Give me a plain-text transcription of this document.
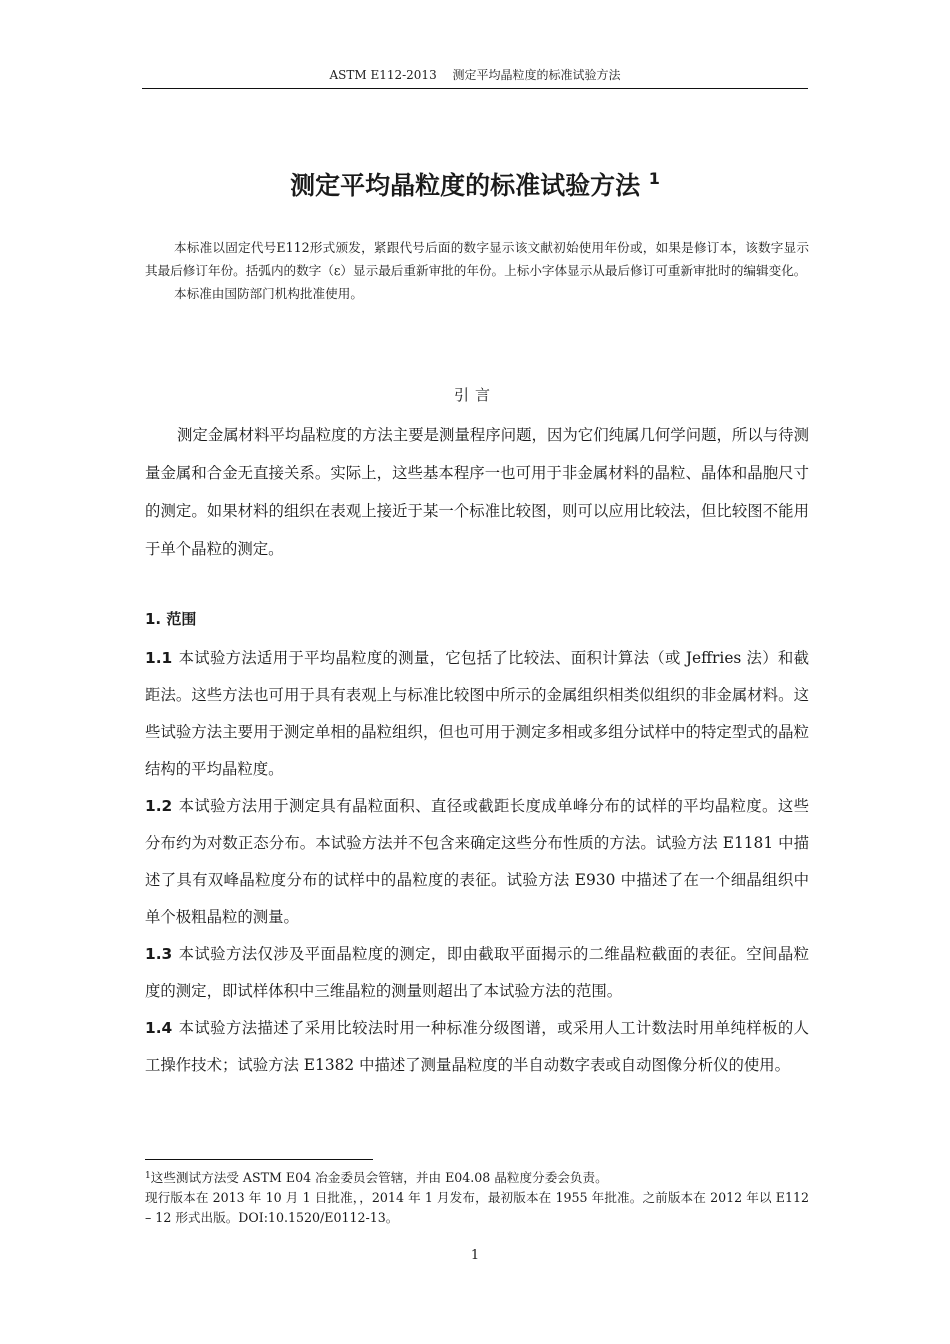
ASTM E112-2013　 测定平均晶粒度的标准试验方法
测定平均晶粒度的标准试验方法 $^1$

本标准以固定代号E112形式颁发，紧跟代号后面的数字显示该文献初始使用年份或，如果是修订本，该数字显示其最后修订年份。括弧内的数字（ε）显示最后重新审批的年份。上标小字体显示从最后修订可重新审批时的编辑变化。

本标准由国防部门机构批准使用。

引言

测定金属材料平均晶粒度的方法主要是测量程序问题，因为它们纯属几何学问题，所以与待测量金属和合金无直接关系。实际上，这些基本程序一也可用于非金属材料的晶粒、晶体和晶胞尺寸的测定。如果材料的组织在表观上接近于某一个标准比较图，则可以应用比较法，但比较图不能用于单个晶粒的测定。

1. 范围

1.1 本试验方法适用于平均晶粒度的测量，它包括了比较法、面积计算法（或 Jeffries 法）和截距法。这些方法也可用于具有表观上与标准比较图中所示的金属组织相类似组织的非金属材料。这些试验方法主要用于测定单相的晶粒组织，但也可用于测定多相或多组分试样中的特定型式的晶粒结构的平均晶粒度。

1.2 本试验方法用于测定具有晶粒面积、直径或截距长度成单峰分布的试样的平均晶粒度。这些分布约为对数正态分布。本试验方法并不包含来确定这些分布性质的方法。试验方法 E1181 中描述了具有双峰晶粒度分布的试样中的晶粒度的表征。试验方法 E930 中描述了在一个细晶组织中单个极粗晶粒的测量。

1.3 本试验方法仅涉及平面晶粒度的测定，即由截取平面揭示的二维晶粒截面的表征。空间晶粒度的测定，即试样体积中三维晶粒的测量则超出了本试验方法的范围。

1.4 本试验方法描述了采用比较法时用一种标准分级图谱，或采用人工计数法时用单纯样板的人工操作技术；试验方法 E1382 中描述了测量晶粒度的半自动数字表或自动图像分析仪的使用。

$^1$这些测试方法受 ASTM E04 冶金委员会管辖，并由 E04.08 晶粒度分委会负责。

现行版本在 2013 年 10 月 1 日批准，，2014 年 1 月发布，最初版本在 1955 年批准。之前版本在 2012 年以 E112 – 12 形式出版。DOI:10.1520/E0112-13。

1
